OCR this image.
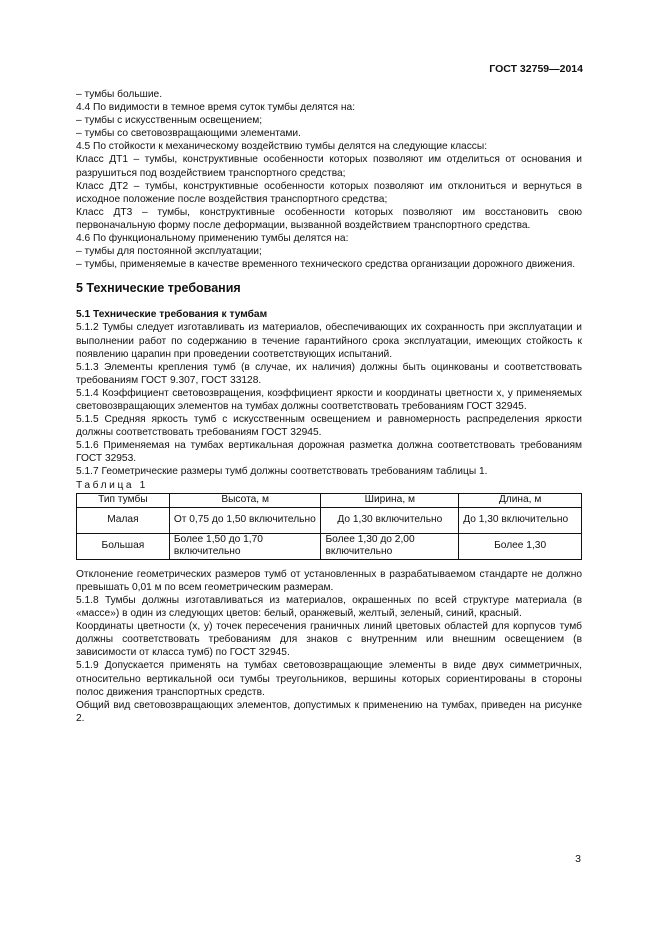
ГОСТ 32759—2014

– тумбы большие.

4.4 По видимости в темное время суток тумбы делятся на:

– тумбы с искусственным освещением;

– тумбы со световозвращающими элементами.

4.5 По стойкости к механическому воздействию тумбы делятся на следующие классы:

Класс ДТ1 – тумбы, конструктивные особенности которых позволяют им отделиться от основания и разрушиться под воздействием транспортного средства;

Класс ДТ2 – тумбы, конструктивные особенности которых позволяют им отклониться и вернуться в исходное положение после воздействия транспортного средства;

Класс ДТ3 – тумбы, конструктивные особенности которых позволяют им восстановить свою первоначальную форму после деформации, вызванной воздействием транспортного средства.

4.6 По функциональному применению тумбы делятся на:

– тумбы для постоянной эксплуатации;

– тумбы, применяемые в качестве временного технического средства организации дорожного движения.

5 Технические требования

5.1 Технические требования к тумбам

5.1.2 Тумбы следует изготавливать из материалов, обеспечивающих их сохранность при эксплуатации и выполнении работ по содержанию в течение гарантийного срока эксплуатации, имеющих стойкость к появлению царапин при проведении соответствующих испытаний.

5.1.3 Элементы крепления тумб (в случае, их наличия) должны быть оцинкованы и соответствовать требованиям ГОСТ 9.307, ГОСТ 33128.

5.1.4 Коэффициент световозвращения, коэффициент яркости и координаты цветности x, y применяемых световозвращающих элементов на тумбах должны соответствовать требованиям ГОСТ 32945.

5.1.5 Средняя яркость тумб с искусственным освещением и равномерность распределения яркости должны соответствовать требованиям ГОСТ 32945.

5.1.6 Применяемая на тумбах вертикальная дорожная разметка должна соответствовать требованиям ГОСТ 32953.

5.1.7 Геометрические размеры тумб должны соответствовать требованиям таблицы 1.

Таблица 1

Тип тумбы	Высота, м	Ширина, м	Длина, м
Малая	От 0,75 до 1,50 включительно	До 1,30 включительно	До 1,30 включительно
Большая	Более 1,50 до 1,70 включительно	Более 1,30 до 2,00 включительно	Более 1,30

Отклонение геометрических размеров тумб от установленных в разрабатываемом стандарте не должно превышать 0,01 м по всем геометрическим размерам.

5.1.8 Тумбы должны изготавливаться из материалов, окрашенных по всей структуре материала (в «массе») в один из следующих цветов: белый, оранжевый, желтый, зеленый, синий, красный.

Координаты цветности (x, y) точек пересечения граничных линий цветовых областей для корпусов тумб должны соответствовать требованиям для знаков с внутренним или внешним освещением (в зависимости от класса тумб) по ГОСТ 32945.

5.1.9 Допускается применять на тумбах световозвращающие элементы в виде двух симметричных, относительно вертикальной оси тумбы треугольников, вершины которых сориентированы в стороны полос движения транспортных средств.

Общий вид световозвращающих элементов, допустимых к применению на тумбах, приведен на рисунке 2.

3
